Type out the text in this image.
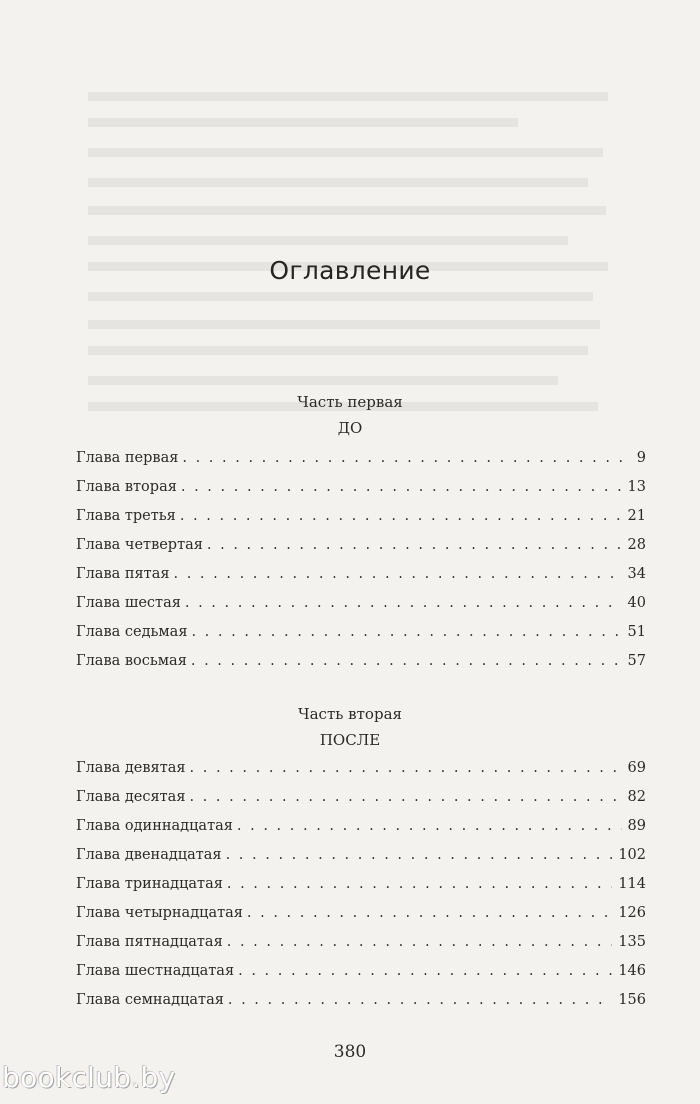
Оглавление
Часть первая
ДО
Глава первая . . .	9
Глава вторая . . .	13
Глава третья . . .	21
Глава четвертая . . .	28
Глава пятая . . .	34
Глава шестая . . .	40
Глава седьмая . . .	51
Глава восьмая . . .	57
Часть вторая
ПОСЛЕ
Глава девятая . . .	69
Глава десятая . . .	82
Глава одиннадцатая . . .	89
Глава двенадцатая . . .	102
Глава тринадцатая . . .	114
Глава четырнадцатая . . .	126
Глава пятнадцатая . . .	135
Глава шестнадцатая . . .	146
Глава семнадцатая . . .	156
380
bookclub.by
